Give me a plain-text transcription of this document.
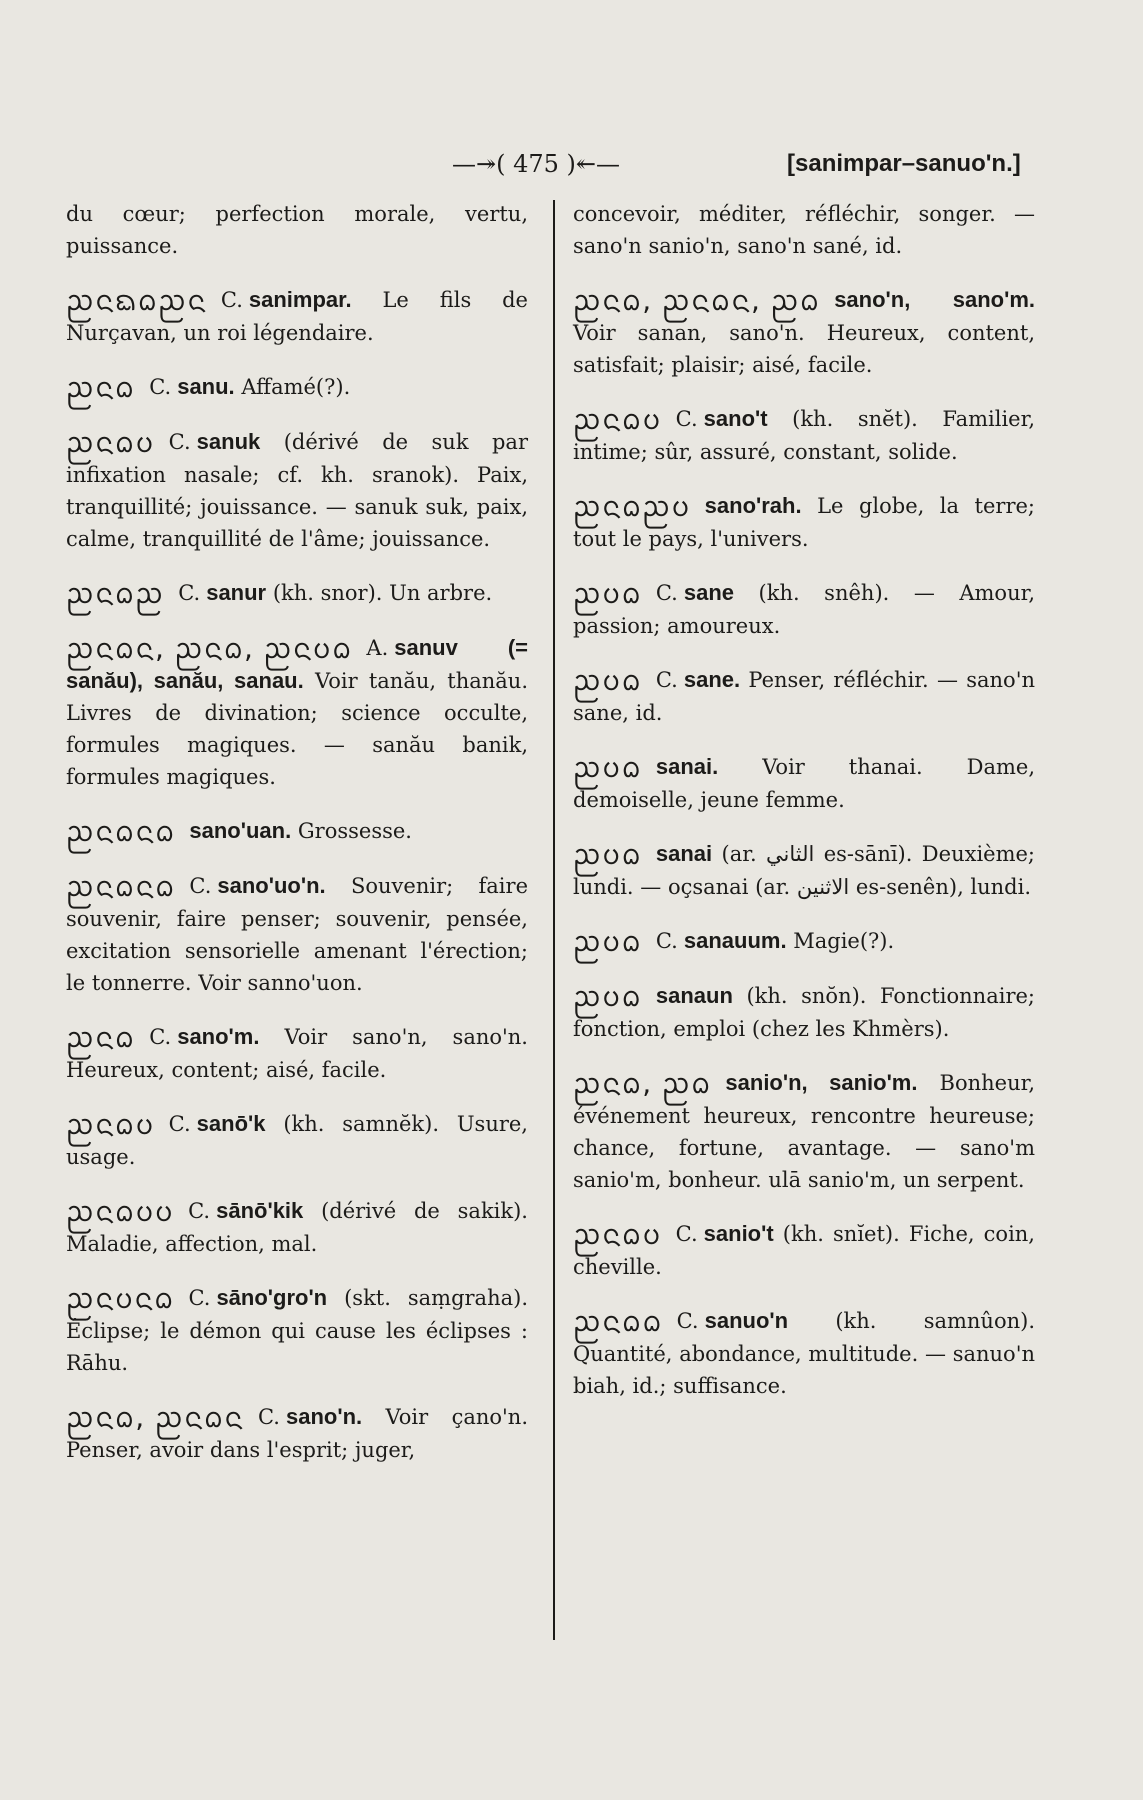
—↠( 475 )↞—	[sanimpar–sanuo'n.]

du cœur; perfection morale, vertu, puissance.

ᨬᨶᨳᨵᨬᨶ C. sanimpar. Le fils de Nurçavan, un roi légendaire.

ᨬᨶᨵ C. sanu. Affamé(?).

ᨬᨶᨵᨷ C. sanuk (dérivé de suk par infixation nasale; cf. kh. sranok). Paix, tranquillité; jouissance. — sanuk suk, paix, calme, tranquillité de l'âme; jouissance.

ᨬᨶᨵᨬ C. sanur (kh. snor). Un arbre.

ᨬᨶᨵᨶ, ᨬᨶᨵ, ᨬᨶᨷᨵ A. sanuv (= sanău), sanău, sanau. Voir tanău, thanău. Livres de divination; science occulte, formules magiques. — sanău banik, formules magiques.

ᨬᨶᨵᨶᨵ sano'uan. Grossesse.

ᨬᨶᨵᨶᨵ C. sano'uo'n. Souvenir; faire souvenir, faire penser; souvenir, pensée, excitation sensorielle amenant l'érection; le tonnerre. Voir sanno'uon.

ᨬᨶᨵ C. sano'm. Voir sano'n, sano'n. Heureux, content; aisé, facile.

ᨬᨶᨵᨷ C. sanō'k (kh. samnĕk). Usure, usage.

ᨬᨶᨵᨷᨷ C. sānō'kik (dérivé de sakik). Maladie, affection, mal.

ᨬᨶᨷᨶᨵ C. sāno'gro'n (skt. saṃgraha). Éclipse; le démon qui cause les éclipses : Rāhu.

ᨬᨶᨵ, ᨬᨶᨵᨶ C. sano'n. Voir çano'n. Penser, avoir dans l'esprit; juger,

concevoir, méditer, réfléchir, songer. — sano'n sanio'n, sano'n sané, id.

ᨬᨶᨵ, ᨬᨶᨵᨶ, ᨬᨵ sano'n, sano'm. Voir sanan, sano'n. Heureux, content, satisfait; plaisir; aisé, facile.

ᨬᨶᨵᨷ C. sano't (kh. snĕt). Familier, intime; sûr, assuré, constant, solide.

ᨬᨶᨵᨬᨷ sano'rah. Le globe, la terre; tout le pays, l'univers.

ᨬᨷᨵ C. sane (kh. snêh). — Amour, passion; amoureux.

ᨬᨷᨵ C. sane. Penser, réfléchir. — sano'n sane, id.

ᨬᨷᨵ sanai. Voir thanai. Dame, demoiselle, jeune femme.

ᨬᨷᨵ sanai (ar. الثاني es-sānī). Deuxième; lundi. — oçsanai (ar. الاثنين es-senên), lundi.

ᨬᨷᨵ C. sanauum. Magie(?).

ᨬᨷᨵ sanaun (kh. snŏn). Fonctionnaire; fonction, emploi (chez les Khmèrs).

ᨬᨶᨵ, ᨬᨵ sanio'n, sanio'm. Bonheur, événement heureux, rencontre heureuse; chance, fortune, avantage. — sano'm sanio'm, bonheur. ulā sanio'm, un serpent.

ᨬᨶᨵᨷ C. sanio't (kh. snĭet). Fiche, coin, cheville.

ᨬᨶᨵᨵ C. sanuo'n (kh. samnûon). Quantité, abondance, multitude. — sanuo'n biah, id.; suffisance.
